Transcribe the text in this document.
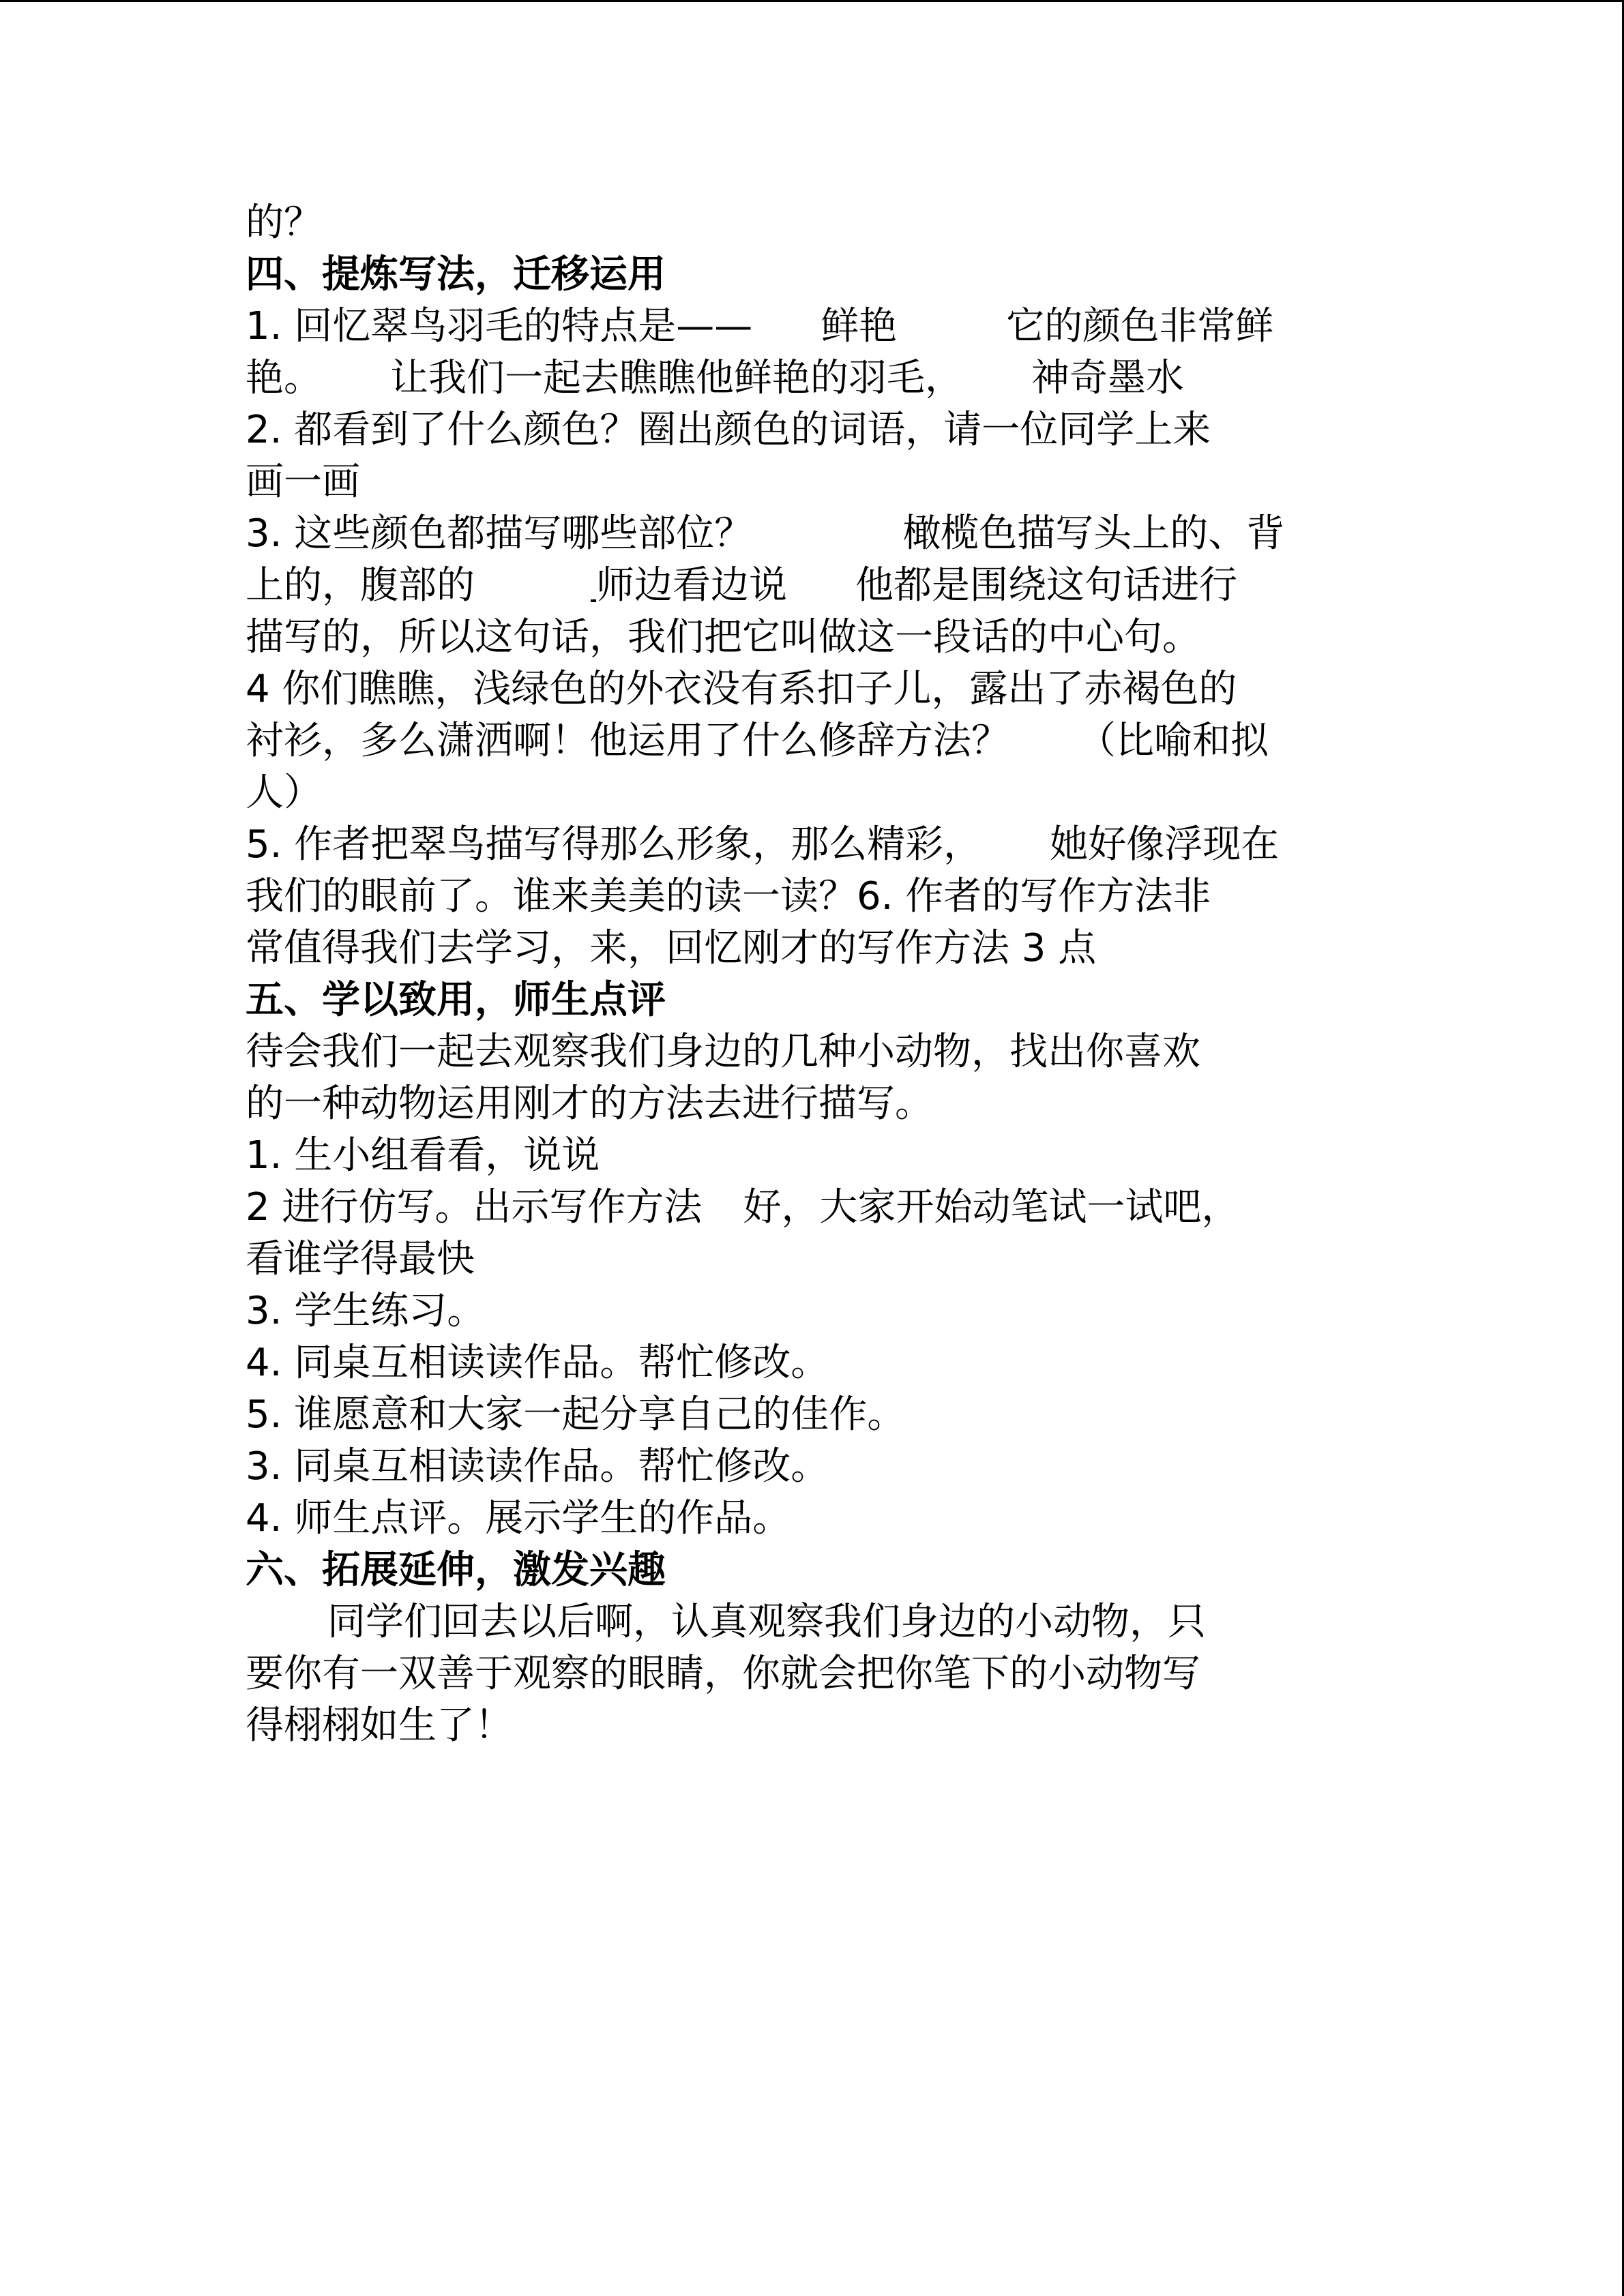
的？
四、提炼写法，迁移运用
1. 回忆翠鸟羽毛的特点是—— 鲜艳	它的颜色非常鲜
艳。 让我们一起去瞧瞧他鲜艳的羽毛， 神奇墨水
2. 都看到了什么颜色？圈出颜色的词语，请一位同学上来
画一画
3. 这些颜色都描写哪些部位？	橄榄色描写头上的、背
上的，腹部的	师边看边说 他都是围绕这句话进行
描写的，所以这句话，我们把它叫做这一段话的中心句。
4 你们瞧瞧，浅绿色的外衣没有系扣子儿，露出了赤褐色的
衬衫，多么潇洒啊！他运用了什么修辞方法？ （比喻和拟
人）
5. 作者把翠鸟描写得那么形象，那么精彩， 她好像浮现在
我们的眼前了。谁来美美的读一读？6. 作者的写作方法非
常值得我们去学习，来，回忆刚才的写作方法 3 点
五、学以致用，师生点评
待会我们一起去观察我们身边的几种小动物，找出你喜欢
的一种动物运用刚才的方法去进行描写。
1. 生小组看看，说说
2 进行仿写。出示写作方法 好，大家开始动笔试一试吧，
看谁学得最快
3. 学生练习。
4. 同桌互相读读作品。帮忙修改。
5. 谁愿意和大家一起分享自己的佳作。
3. 同桌互相读读作品。帮忙修改。
4. 师生点评。展示学生的作品。
六、拓展延伸，激发兴趣
同学们回去以后啊，认真观察我们身边的小动物，只
要你有一双善于观察的眼睛，你就会把你笔下的小动物写
得栩栩如生了！
